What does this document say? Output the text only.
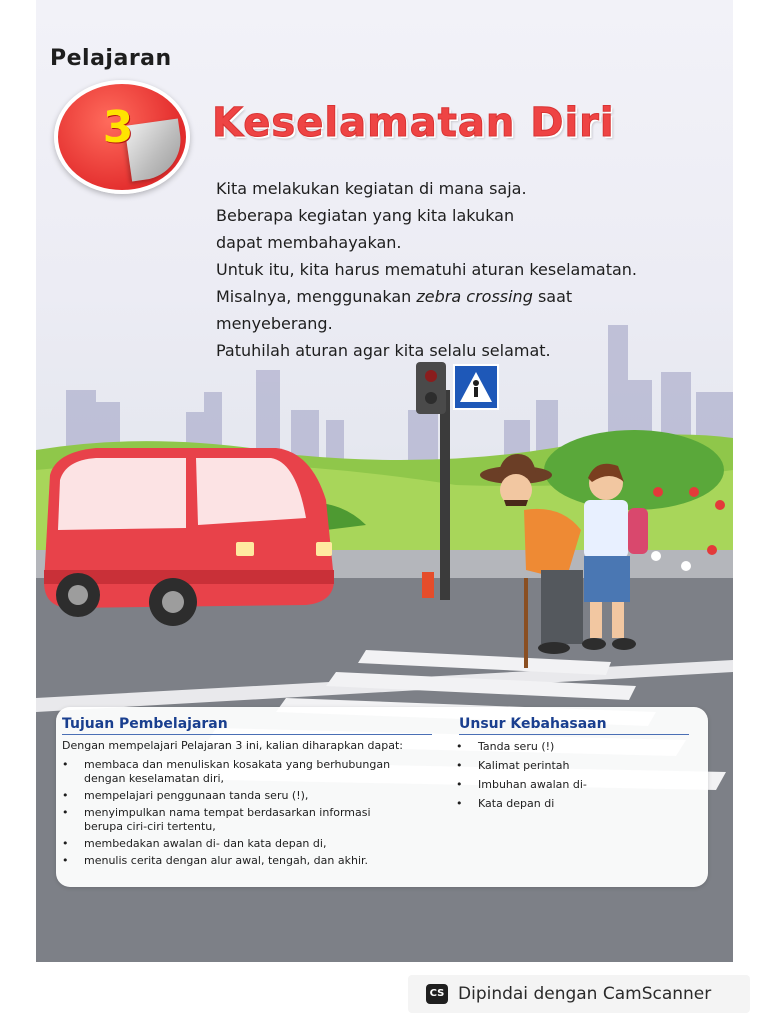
Pelajaran
3 Keselamatan Diri

Kita melakukan kegiatan di mana saja.

Beberapa kegiatan yang kita lakukan

dapat membahayakan.

Untuk itu, kita harus mematuhi aturan keselamatan.

Misalnya, menggunakan zebra crossing saat

menyeberang.

Patuhilah aturan agar kita selalu selamat.

Tujuan Pembelajaran
Dengan mempelajari Pelajaran 3 ini, kalian diharapkan dapat:
• membaca dan menuliskan kosakata yang berhubungan dengan keselamatan diri,
• mempelajari penggunaan tanda seru (!),
• menyimpulkan nama tempat berdasarkan informasi berupa ciri-ciri tertentu,
• membedakan awalan di- dan kata depan di,
• menulis cerita dengan alur awal, tengah, dan akhir.
Unsur Kebahasaan
• Tanda seru (!)
• Kalimat perintah
• Imbuhan awalan di-
• Kata depan di
CS Dipindai dengan CamScanner
